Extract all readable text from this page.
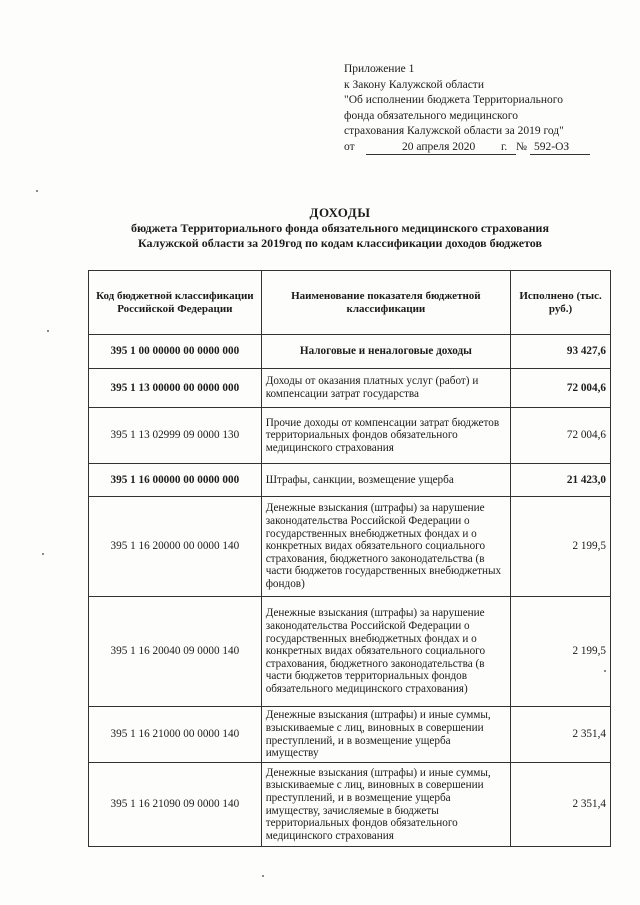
Приложение 1
к Закону Калужской области
"Об исполнении бюджета Территориального
фонда обязательного медицинского
страхования Калужской области за 2019 год"
от	20 апреля 2020 г. № 592-ОЗ
ДОХОДЫ
бюджета Территориального фонда обязательного медицинского страхования
Калужской области за 2019год по кодам классификации доходов бюджетов
Код бюджетной классификации Российской Федерации	Наименование показателя бюджетной классификации	Исполнено (тыс. руб.)
395 1 00 00000 00 0000 000	Налоговые и неналоговые доходы	93 427,6
395 1 13 00000 00 0000 000	Доходы от оказания платных услуг (работ) и компенсации затрат государства	72 004,6
395 1 13 02999 09 0000 130	Прочие доходы от компенсации затрат бюджетов территориальных фондов обязательного медицинского страхования	72 004,6
395 1 16 00000 00 0000 000	Штрафы, санкции, возмещение ущерба	21 423,0
395 1 16 20000 00 0000 140	Денежные взыскания (штрафы) за нарушение законодательства Российской Федерации о государственных внебюджетных фондах и о конкретных видах обязательного социального страхования, бюджетного законодательства (в части бюджетов государственных внебюджетных фондов)	2 199,5
395 1 16 20040 09 0000 140	Денежные взыскания (штрафы) за нарушение законодательства Российской Федерации о государственных внебюджетных фондах и о конкретных видах обязательного социального страхования, бюджетного законодательства (в части бюджетов территориальных фондов обязательного медицинского страхования)	2 199,5
395 1 16 21000 00 0000 140	Денежные взыскания (штрафы) и иные суммы, взыскиваемые с лиц, виновных в совершении преступлений, и в возмещение ущерба имуществу	2 351,4
395 1 16 21090 09 0000 140	Денежные взыскания (штрафы) и иные суммы, взыскиваемые с лиц, виновных в совершении преступлений, и в возмещение ущерба имуществу, зачисляемые в бюджеты территориальных фондов обязательного медицинского страхования	2 351,4
